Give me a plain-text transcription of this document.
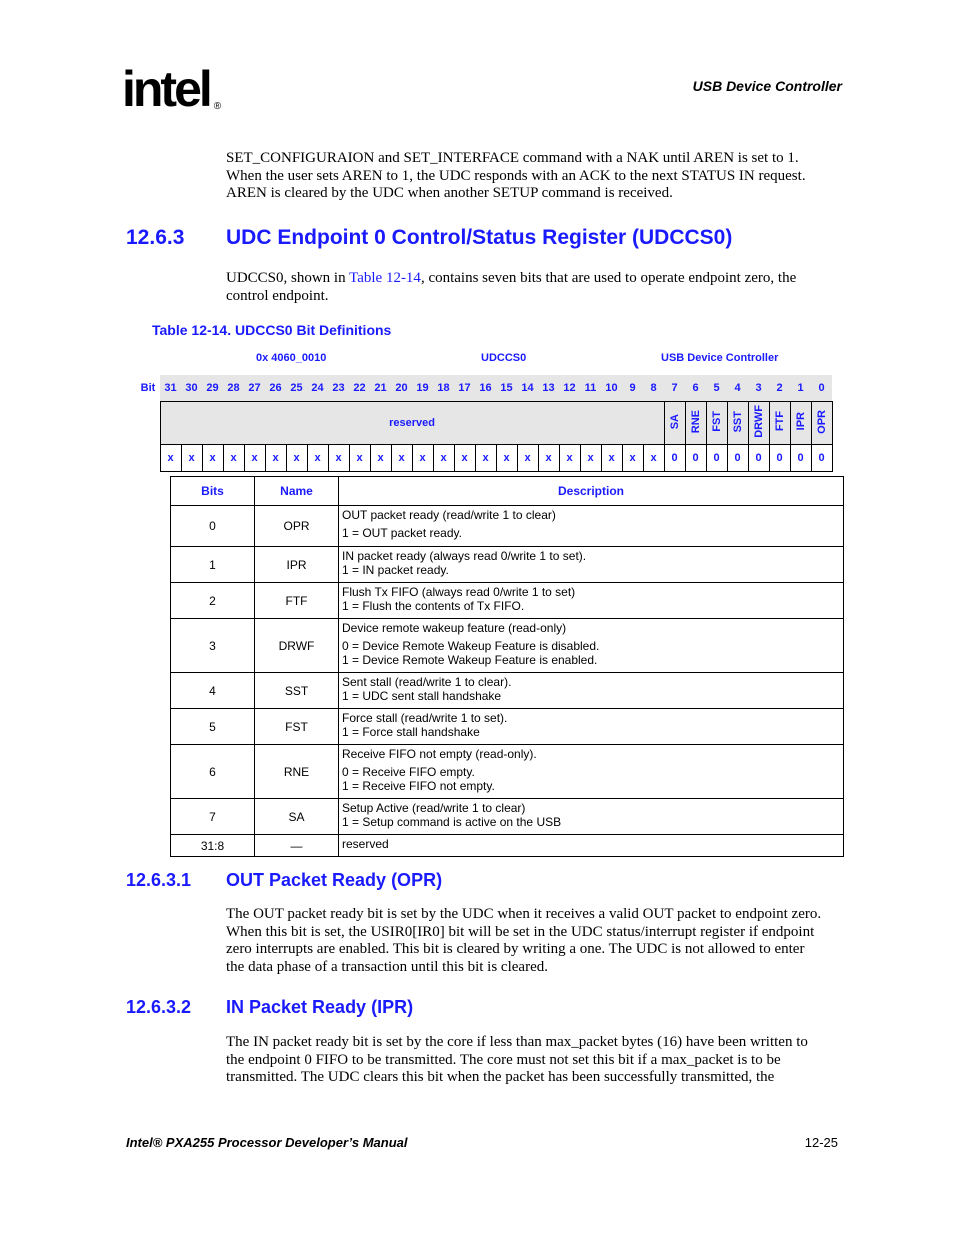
intel ®
USB Device Controller
SET_CONFIGURAION and SET_INTERFACE command with a NAK until AREN is set to 1.
When the user sets AREN to 1, the UDC responds with an ACK to the next STATUS IN request.
AREN is cleared by the UDC when another SETUP command is received.
12.6.3 UDC Endpoint 0 Control/Status Register (UDCCS0)
UDCCS0, shown in Table 12-14, contains seven bits that are used to operate endpoint zero, the
control endpoint.
Table 12-14. UDCCS0 Bit Definitions
0x 4060_0010	UDCCS0	USB Device Controller
Bit	31	30	29	28	27	26	25	24	23	22	21	20	19	18	17	16	15	14	13	12	11	10	9	8	7	6	5	4	3	2	1	0
	reserved																								SA	RNE	FST	SST	DRWF	FTF	IPR	OPR
	x	x	x	x	x	x	x	x	x	x	x	x	x	x	x	x	x	x	x	x	x	x	x	x	0	0	0	0	0	0	0	0
Bits	Name	Description
0	OPR	OUT packet ready (read/write 1 to clear)
1 = OUT packet ready.

1	IPR	IN packet ready (always read 0/write 1 to set).
1 = IN packet ready.

2	FTF	Flush Tx FIFO (always read 0/write 1 to set)
1 = Flush the contents of Tx FIFO.

3	DRWF	Device remote wakeup feature (read-only)
0 = Device Remote Wakeup Feature is disabled.
1 = Device Remote Wakeup Feature is enabled.

4	SST	Sent stall (read/write 1 to clear).
1 = UDC sent stall handshake

5	FST	Force stall (read/write 1 to set).
1 = Force stall handshake

6	RNE	Receive FIFO not empty (read-only).
0 = Receive FIFO empty.
1 = Receive FIFO not empty.

7	SA	Setup Active (read/write 1 to clear)
1 = Setup command is active on the USB

31:8	—	reserved
12.6.3.1 OUT Packet Ready (OPR)
The OUT packet ready bit is set by the UDC when it receives a valid OUT packet to endpoint zero.
When this bit is set, the USIR0[IR0] bit will be set in the UDC status/interrupt register if endpoint
zero interrupts are enabled. This bit is cleared by writing a one. The UDC is not allowed to enter
the data phase of a transaction until this bit is cleared.
12.6.3.2 IN Packet Ready (IPR)
The IN packet ready bit is set by the core if less than max_packet bytes (16) have been written to
the endpoint 0 FIFO to be transmitted. The core must not set this bit if a max_packet is to be
transmitted. The UDC clears this bit when the packet has been successfully transmitted, the
Intel® PXA255 Processor Developer’s Manual	12-25
